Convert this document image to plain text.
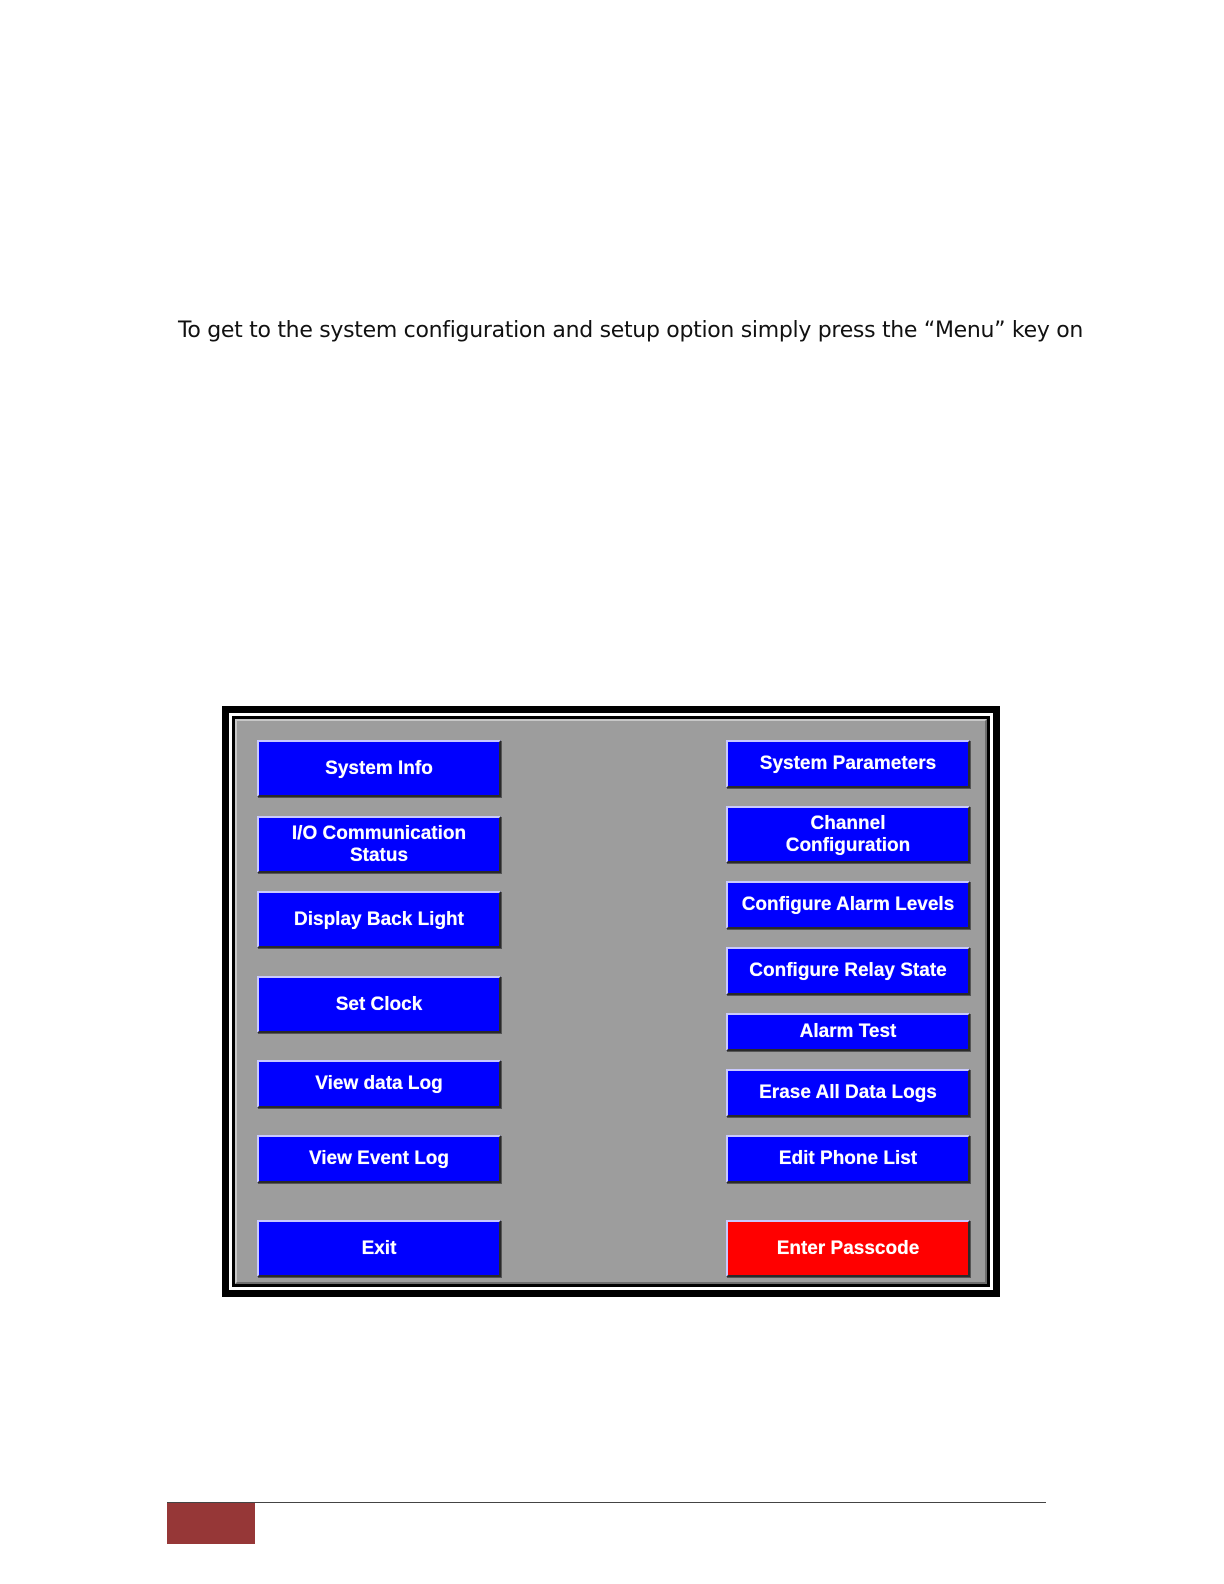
To get to the system configuration and setup option simply press the “Menu” key on
System Info
I/O Communication
Status
Display Back Light
Set Clock
View data Log
View Event Log
Exit
System Parameters
Channel
Configuration
Configure Alarm Levels
Configure Relay State
Alarm Test
Erase All Data Logs
Edit Phone List
Enter Passcode
